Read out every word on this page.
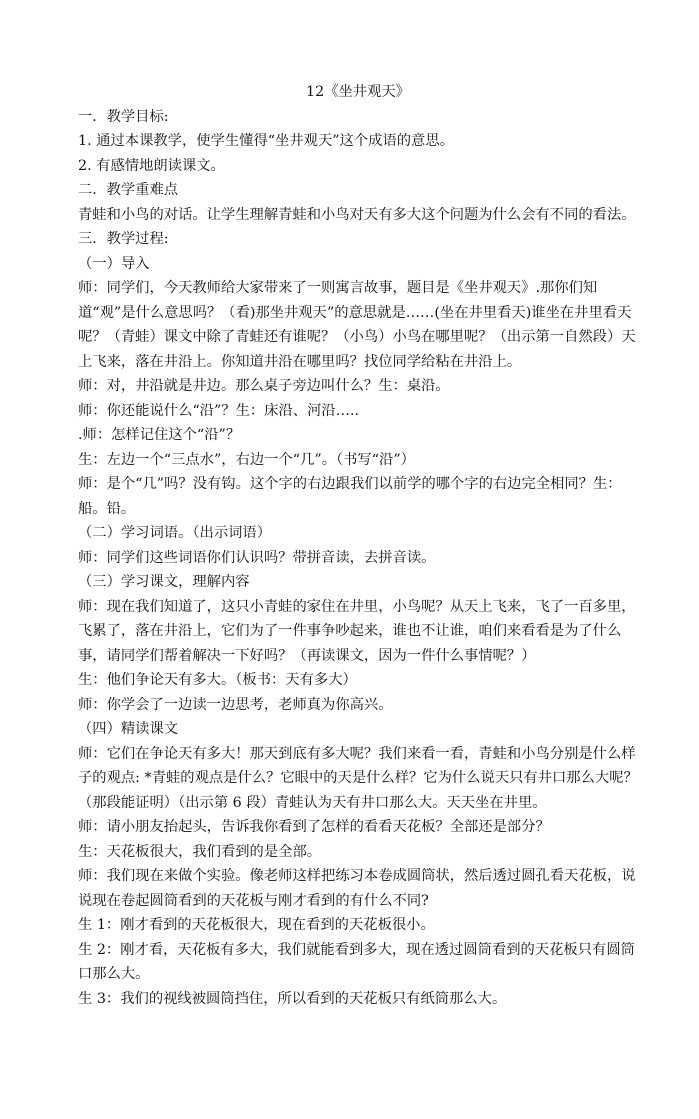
12《坐井观天》

一．教学目标:

1. 通过本课教学，使学生懂得“坐井观天”这个成语的意思。

2. 有感情地朗读课文。

二．教学重难点

青蛙和小鸟的对话。让学生理解青蛙和小鸟对天有多大这个问题为什么会有不同的看法。

三．教学过程:

（一）导入

师：同学们，今天教师给大家带来了一则寓言故事，题目是《坐井观天》.那你们知道“观”是什么意思吗？（看)那坐井观天”的意思就是……(坐在井里看天)谁坐在井里看天呢？（青蛙）课文中除了青蛙还有谁呢？（小鸟）小鸟在哪里呢？（出示第一自然段）天上飞来，落在井沿上。你知道井沿在哪里吗？找位同学给粘在井沿上。

师：对，井沿就是井边。那么桌子旁边叫什么？生：桌沿。

师：你还能说什么“沿”？生：床沿、河沿…..

.师：怎样记住这个“沿”？

生：左边一个“三点水”，右边一个“几”。（书写“沿”）

师：是个“几”吗？没有钩。这个字的右边跟我们以前学的哪个字的右边完全相同？生：船。铅。

（二）学习词语。（出示词语）

师：同学们这些词语你们认识吗？带拼音读，去拼音读。

（三）学习课文，理解内容

师：现在我们知道了，这只小青蛙的家住在井里，小鸟呢？从天上飞来，飞了一百多里，飞累了，落在井沿上，它们为了一件事争吵起来，谁也不让谁，咱们来看看是为了什么事，请同学们帮着解决一下好吗？（再读课文，因为一件什么事情呢？）

生：他们争论天有多大。（板书：天有多大）

师：你学会了一边读一边思考，老师真为你高兴。

（四）精读课文

师：它们在争论天有多大！那天到底有多大呢？我们来看一看，青蛙和小鸟分别是什么样子的观点: *青蛙的观点是什么？它眼中的天是什么样？它为什么说天只有井口那么大呢？（那段能证明）（出示第 6 段）青蛙认为天有井口那么大。天天坐在井里。

师：请小朋友抬起头，告诉我你看到了怎样的看看天花板？全部还是部分？

生：天花板很大，我们看到的是全部。

师：我们现在来做个实验。像老师这样把练习本卷成圆筒状，然后透过圆孔看天花板，说说现在卷起圆筒看到的天花板与刚才看到的有什么不同?

生 1：刚才看到的天花板很大，现在看到的天花板很小。

生 2：刚才看，天花板有多大，我们就能看到多大，现在透过圆筒看到的天花板只有圆筒口那么大。

生 3：我们的视线被圆筒挡住，所以看到的天花板只有纸筒那么大。
